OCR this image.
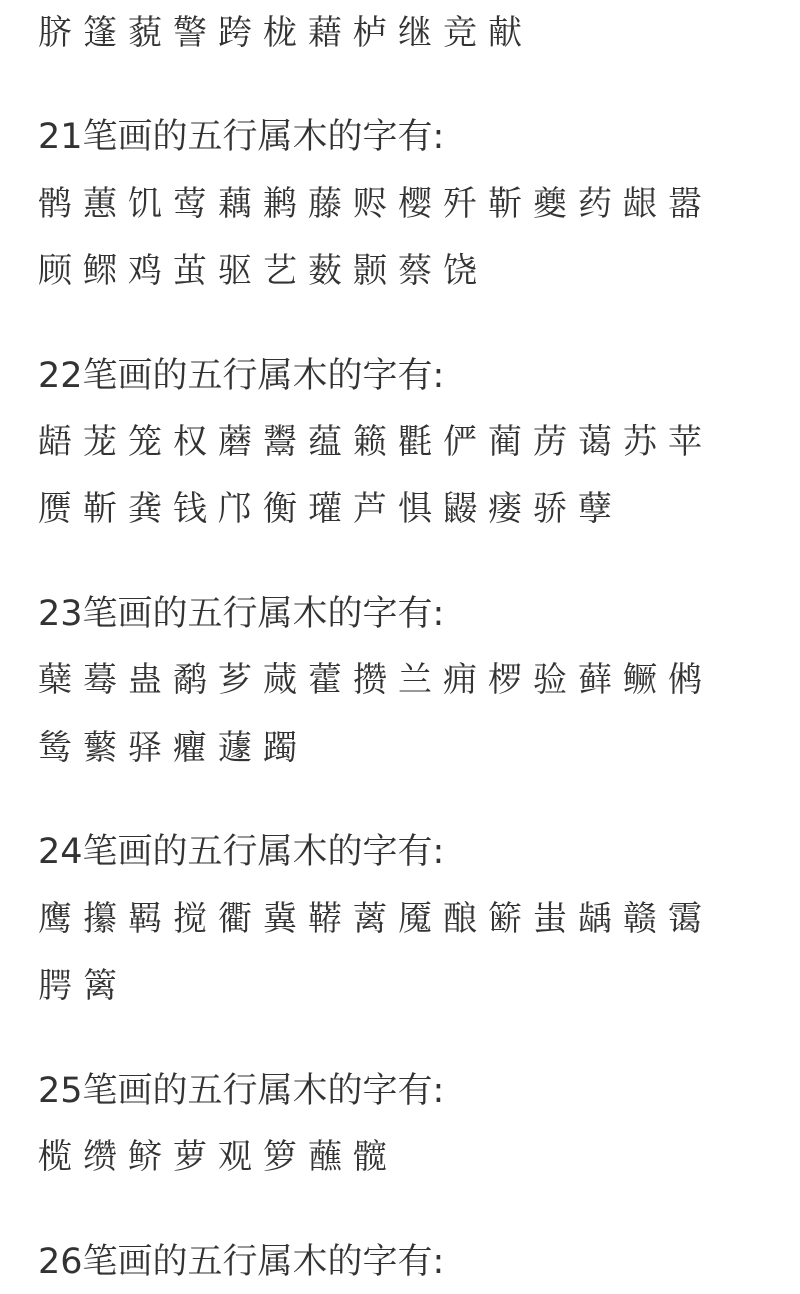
脐篷藐警跨栊藉栌继竞献
21笔画的五行属木的字有:
鹘蕙饥莺藕鹣藤赆樱歼靳夔药龈嚣
顾鳏鸡茧驱艺薮颢蔡饶
22笔画的五行属木的字有:
龉茏笼权蘑鬻蕴籁氍俨蔺苈蔼苏苹
赝靳龚钱邝衡瓘芦惧鼹瘘骄孽
23笔画的五行属木的字有:
蘖蓦蛊鹬芗蒇藿攒兰痈椤验藓鳜鸺
鸶蘩驿癯蘧躅
24笔画的五行属木的字有:
鹰攥羁搅衢冀鞯蓠魇酿簖蚩龋赣霭
腭篱
25笔画的五行属木的字有:
榄缵鲚萝观箩蘸髋
26笔画的五行属木的字有:
